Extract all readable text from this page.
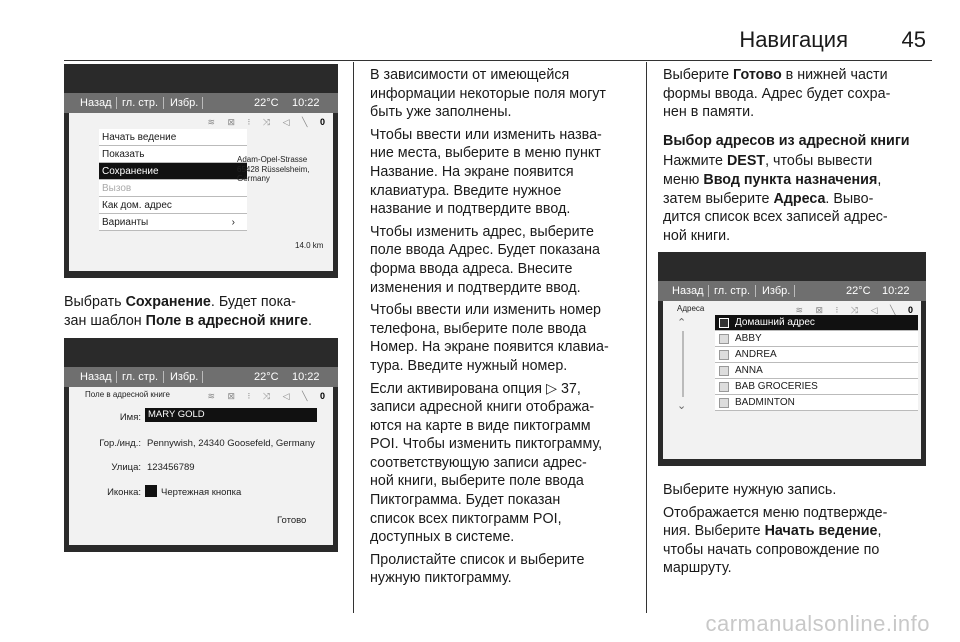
Навигация 45
Назад гл. стр. Избр.	22°C 10:22
≋ ⊠ ⁝ ⤨ ◁ ╲ 0
Начать ведение
Показать
Сохранение
Вызов
Как дом. адрес
Варианты	›
Adam-Opel-Strasse
65428 Rüsselsheim, Germany
14.0 km
Выбрать Сохранение. Будет пока-
зан шаблон Поле в адресной книге.
Назад гл. стр. Избр.	22°C 10:22
Поле в адресной книге	≋ ⊠ ⁝ ⤨ ◁ ╲ 0
Имя: MARY GOLD
Гор./инд.: Pennywish, 24340 Goosefeld, Germany
Улица: 123456789
Иконка: Чертежная кнопка
Готово

В зависимости от имеющейся
информации некоторые поля могут
быть уже заполнены.

Чтобы ввести или изменить назва-
ние места, выберите в меню пункт
Название. На экране появится
клавиатура. Введите нужное
название и подтвердите ввод.

Чтобы изменить адрес, выберите
поле ввода Адрес. Будет показана
форма ввода адреса. Внесите
изменения и подтвердите ввод.

Чтобы ввести или изменить номер
телефона, выберите поле ввода
Номер. На экране появится клавиа-
тура. Введите нужный номер.

Если активирована опция ▷ 37,
записи адресной книги отобража-
ются на карте в виде пиктограмм
POI. Чтобы изменить пиктограмму,
соответствующую записи адрес-
ной книги, выберите поле ввода
Пиктограмма. Будет показан
список всех пиктограмм POI,
доступных в системе.

Пролистайте список и выберите
нужную пиктограмму.

Выберите Готово в нижней части
формы ввода. Адрес будет сохра-
нен в памяти.

Выбор адресов из адресной книги

Нажмите DEST, чтобы вывести
меню Ввод пункта назначения,
затем выберите Адреса. Выво-
дится список всех записей адрес-
ной книги.

Назад гл. стр. Избр.	22°C 10:22
Адреса	≋ ⊠ ⁝ ⤨ ◁ ╲ 0
⌃
⌄
Домашний адрес
ABBY
ANDREA
ANNA
BAB GROCERIES
BADMINTON

Выберите нужную запись.

Отображается меню подтвержде-
ния. Выберите Начать ведение,
чтобы начать сопровождение по
маршруту.

carmanualsonline.info
